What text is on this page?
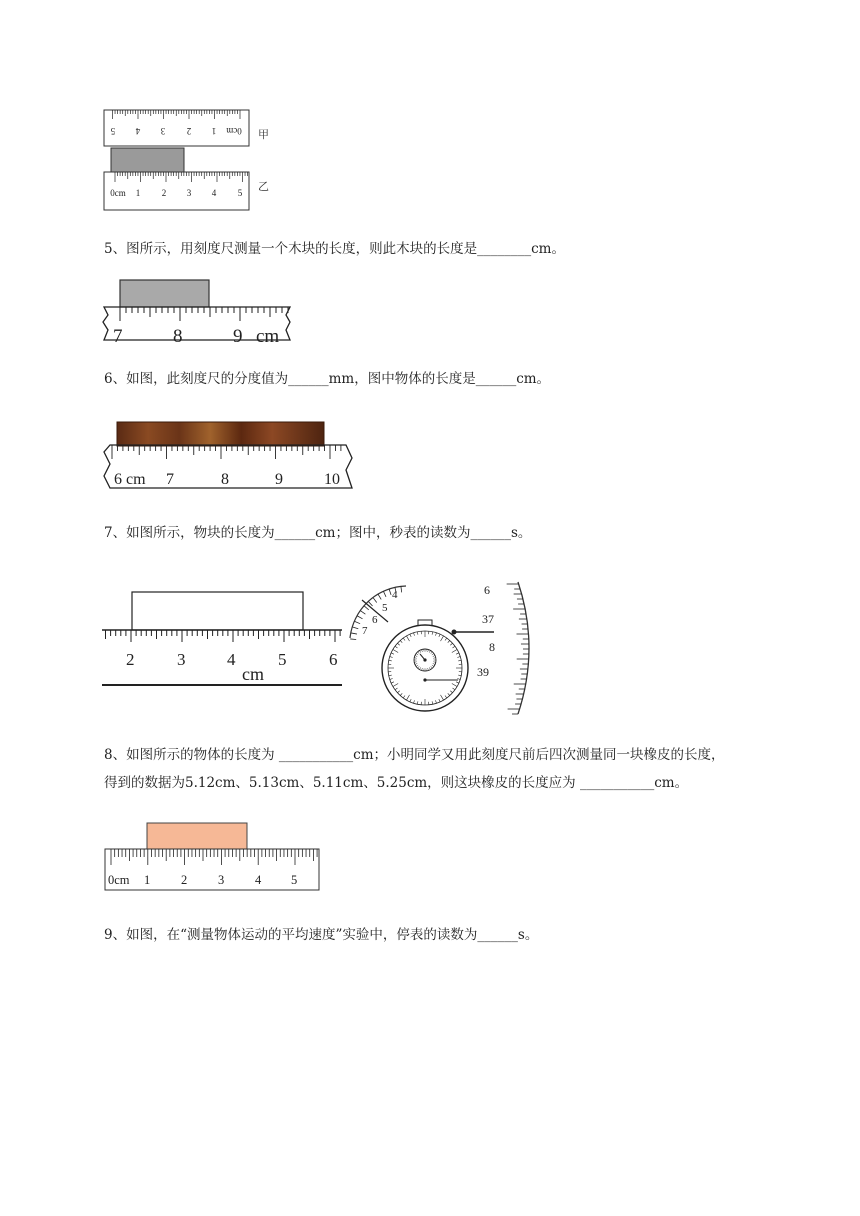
5 4 3 2 1 0cm
0cm 1 2 3 4 5
甲
乙
5、图所示，用刻度尺测量一个木块的长度，则此木块的长度是________cm。
7	8	9 cm
6、如图，此刻度尺的分度值为______mm，图中物体的长度是______cm。
6 cm 7	8	9	10
7、如图所示，物块的长度为______cm；图中，秒表的读数为______s。
2	3 4	5	6
cm
4
5
6
7
6
37
8
39
8、如图所示的物体的长度为 ___________cm；小明同学又用此刻度尺前后四次测量同一块橡皮的长度，
得到的数据为5.12cm、5.13cm、5.11cm、5.25cm，则这块橡皮的长度应为 ___________cm。
0cm 1 2 3 4 5
9、如图，在“测量物体运动的平均速度”实验中，停表的读数为______s。
